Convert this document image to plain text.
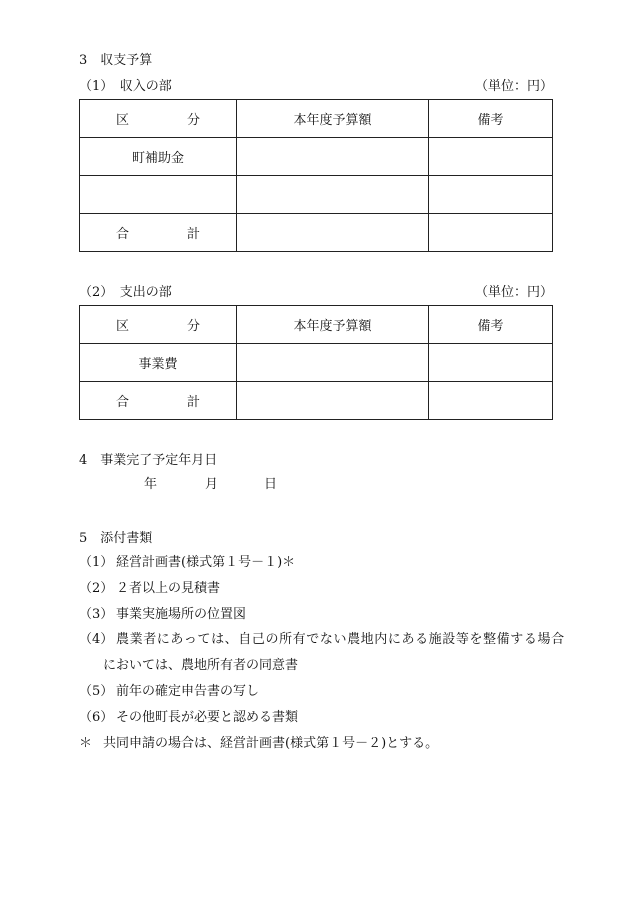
3　収支予算
（1）　収入の部	（単位：円）
区 分	本年度予算額	備考
町補助金		

合 計		
（2）　支出の部	（単位：円）
区 分	本年度予算額	備考
事業費		
合 計		
4　事業完了予定年月日
年	月	日
5　添付書類
（1） 経営計画書(様式第１号－１)＊
（2） ２者以上の見積書
（3） 事業実施場所の位置図
（4） 農業者にあっては、自己の所有でない農地内にある施設等を整備する場合
においては、農地所有者の同意書
（5） 前年の確定申告書の写し
（6） その他町長が必要と認める書類
＊ 共同申請の場合は、経営計画書(様式第１号－２)とする。
